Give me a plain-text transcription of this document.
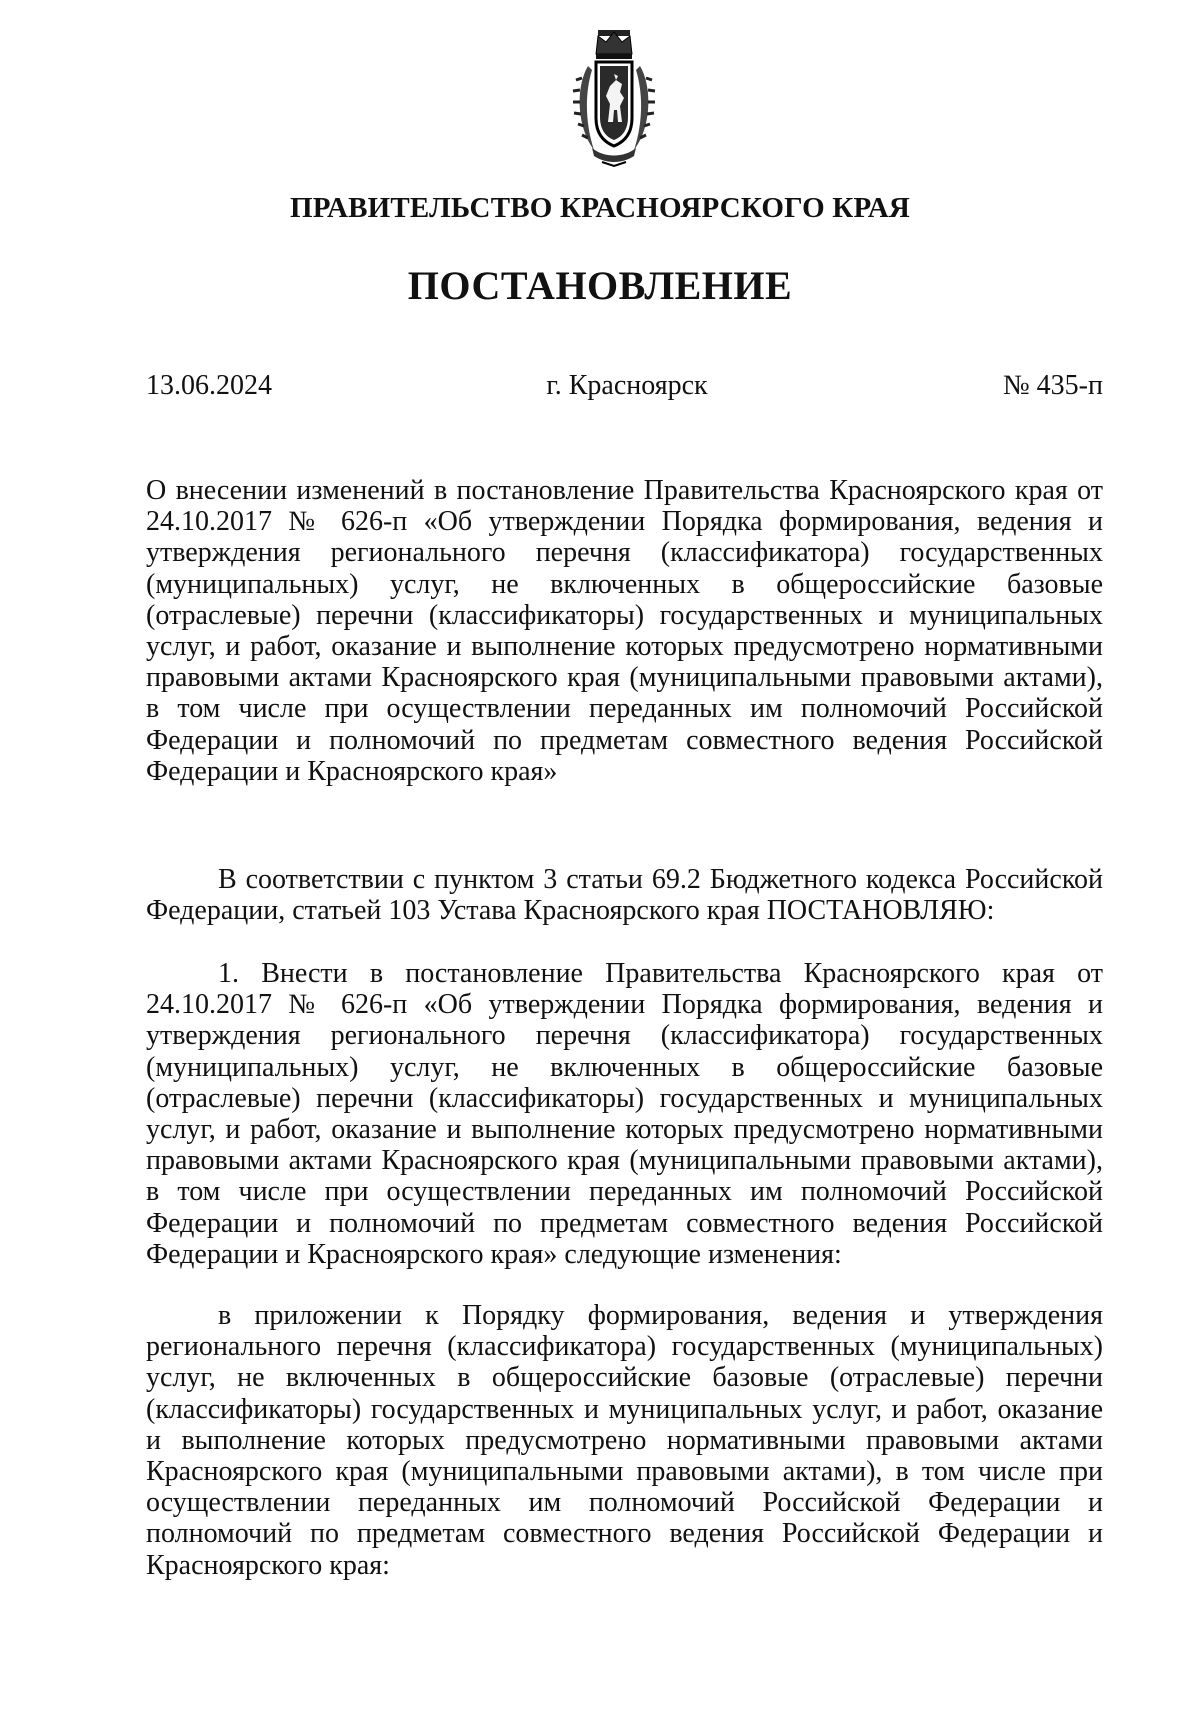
ПРАВИТЕЛЬСТВО КРАСНОЯРСКОГО КРАЯ
ПОСТАНОВЛЕНИЕ

13.06.2024	г. Красноярск	№ 435-п

О внесении изменений в постановление Правительства Красноярского края от 24.10.2017 № 626-п «Об утверждении Порядка формирования, ведения и утверждения регионального перечня (классификатора) государственных (муниципальных) услуг, не включенных в общероссийские базовые (отраслевые) перечни (классификаторы) государственных и муниципальных услуг, и работ, оказание и выполнение которых предусмотрено нормативными правовыми актами Красноярского края (муниципальными правовыми актами), в том числе при осуществлении переданных им полномочий Российской Федерации и полномочий по предметам совместного ведения Российской Федерации и Красноярского края»

В соответствии с пунктом 3 статьи 69.2 Бюджетного кодекса Российской Федерации, статьей 103 Устава Красноярского края ПОСТАНОВЛЯЮ:

1. Внести в постановление Правительства Красноярского края от 24.10.2017 № 626-п «Об утверждении Порядка формирования, ведения и утверждения регионального перечня (классификатора) государственных (муниципальных) услуг, не включенных в общероссийские базовые (отраслевые) перечни (классификаторы) государственных и муниципальных услуг, и работ, оказание и выполнение которых предусмотрено нормативными правовыми актами Красноярского края (муниципальными правовыми актами), в том числе при осуществлении переданных им полномочий Российской Федерации и полномочий по предметам совместного ведения Российской Федерации и Красноярского края» следующие изменения:

в приложении к Порядку формирования, ведения и утверждения регионального перечня (классификатора) государственных (муниципальных) услуг, не включенных в общероссийские базовые (отраслевые) перечни (классификаторы) государственных и муниципальных услуг, и работ, оказание и выполнение которых предусмотрено нормативными правовыми актами Красноярского края (муниципальными правовыми актами), в том числе при осуществлении переданных им полномочий Российской Федерации и полномочий по предметам совместного ведения Российской Федерации и Красноярского края:
